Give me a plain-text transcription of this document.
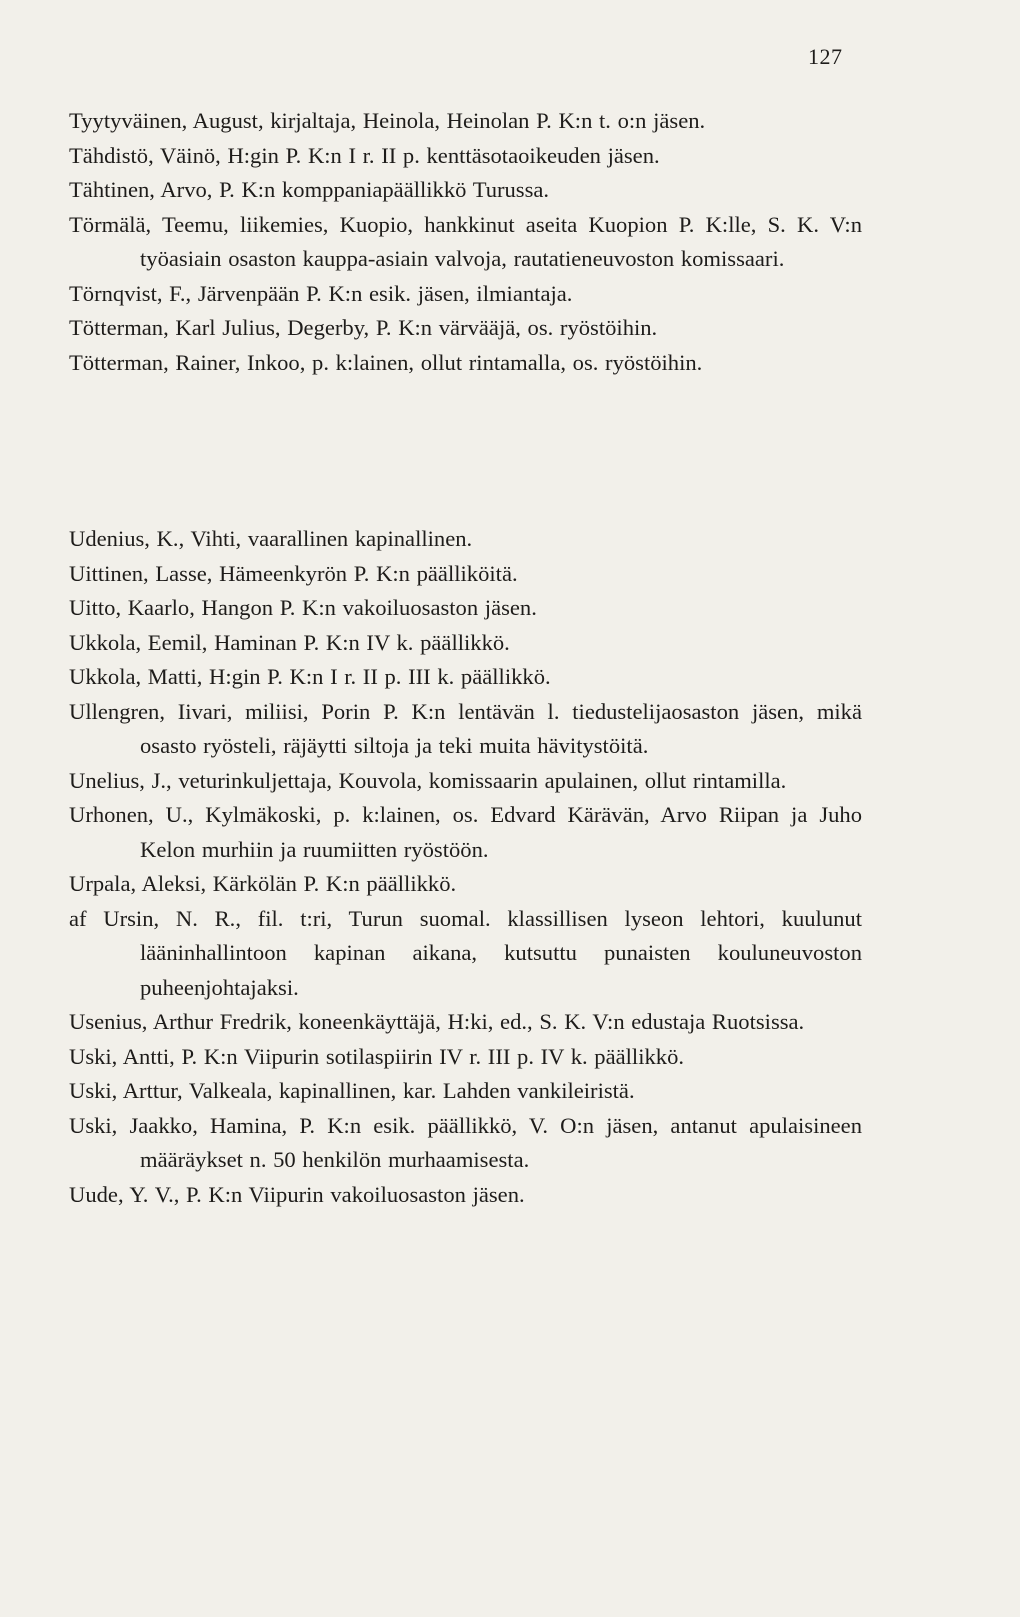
127
Tyytyväinen, August, kirjaltaja, Heinola, Heinolan P. K:n t. o:n jäsen.
Tähdistö, Väinö, H:gin P. K:n I r. II p. kenttäsotaoikeuden jäsen.
Tähtinen, Arvo, P. K:n komppaniapäällikkö Turussa.
Törmälä, Teemu, liikemies, Kuopio, hankkinut aseita Kuopion P. K:lle, S. K. V:n työasiain osaston kauppa-asiain valvoja, rautatieneuvoston komissaari.
Törnqvist, F., Järvenpään P. K:n esik. jäsen, ilmiantaja.
Tötterman, Karl Julius, Degerby, P. K:n värvääjä, os. ryöstöihin.
Tötterman, Rainer, Inkoo, p. k:lainen, ollut rintamalla, os. ryöstöihin.
Udenius, K., Vihti, vaarallinen kapinallinen.
Uittinen, Lasse, Hämeenkyrön P. K:n päälliköitä.
Uitto, Kaarlo, Hangon P. K:n vakoiluosaston jäsen.
Ukkola, Eemil, Haminan P. K:n IV k. päällikkö.
Ukkola, Matti, H:gin P. K:n I r. II p. III k. päällikkö.
Ullengren, Iivari, miliisi, Porin P. K:n lentävän l. tiedustelijaosaston jäsen, mikä osasto ryösteli, räjäytti siltoja ja teki muita hävitystöitä.
Unelius, J., veturinkuljettaja, Kouvola, komissaarin apulainen, ollut rintamilla.
Urhonen, U., Kylmäkoski, p. k:lainen, os. Edvard Kärävän, Arvo Riipan ja Juho Kelon murhiin ja ruumiitten ryöstöön.
Urpala, Aleksi, Kärkölän P. K:n päällikkö.
af Ursin, N. R., fil. t:ri, Turun suomal. klassillisen lyseon lehtori, kuulunut lääninhallintoon kapinan aikana, kutsuttu punaisten kouluneuvoston puheenjohtajaksi.
Usenius, Arthur Fredrik, koneenkäyttäjä, H:ki, ed., S. K. V:n edustaja Ruotsissa.
Uski, Antti, P. K:n Viipurin sotilaspiirin IV r. III p. IV k. päällikkö.
Uski, Arttur, Valkeala, kapinallinen, kar. Lahden vankileiristä.
Uski, Jaakko, Hamina, P. K:n esik. päällikkö, V. O:n jäsen, antanut apulaisineen määräykset n. 50 henkilön murhaamisesta.
Uude, Y. V., P. K:n Viipurin vakoiluosaston jäsen.
